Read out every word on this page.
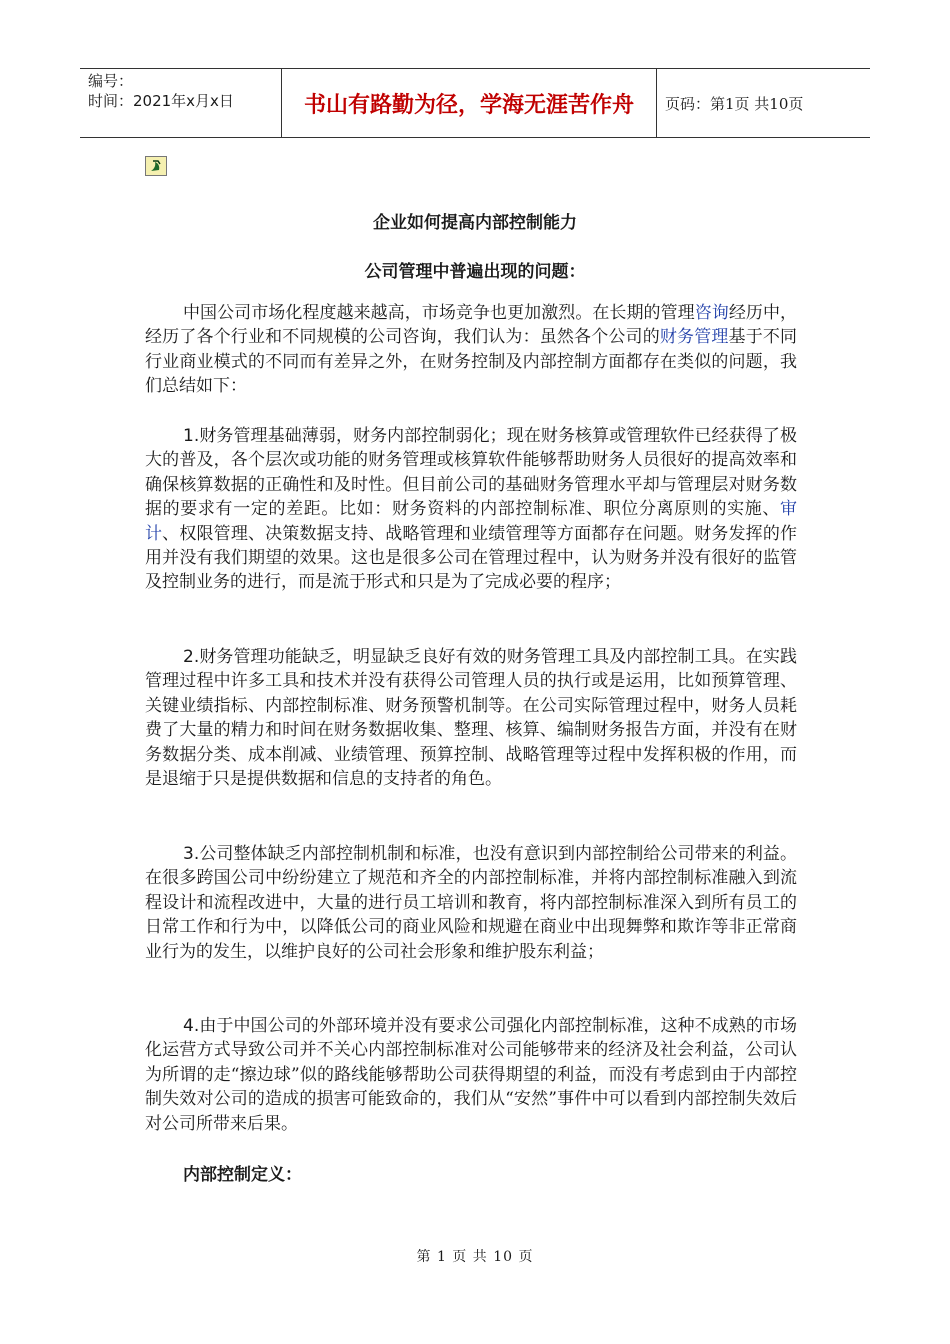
编号：
时间：2021年x月x日	书山有路勤为径，学海无涯苦作舟	页码：第1页 共10页
企业如何提高内部控制能力
公司管理中普遍出现的问题：

中国公司市场化程度越来越高，市场竞争也更加激烈。在长期的管理咨询经历中，经历了各个行业和不同规模的公司咨询，我们认为：虽然各个公司的财务管理基于不同行业商业模式的不同而有差异之外，在财务控制及内部控制方面都存在类似的问题，我们总结如下：

1.财务管理基础薄弱，财务内部控制弱化；现在财务核算或管理软件已经获得了极大的普及，各个层次或功能的财务管理或核算软件能够帮助财务人员很好的提高效率和确保核算数据的正确性和及时性。但目前公司的基础财务管理水平却与管理层对财务数据的要求有一定的差距。比如：财务资料的内部控制标准、职位分离原则的实施、审计、权限管理、决策数据支持、战略管理和业绩管理等方面都存在问题。财务发挥的作用并没有我们期望的效果。这也是很多公司在管理过程中，认为财务并没有很好的监管及控制业务的进行，而是流于形式和只是为了完成必要的程序；

2.财务管理功能缺乏，明显缺乏良好有效的财务管理工具及内部控制工具。在实践管理过程中许多工具和技术并没有获得公司管理人员的执行或是运用，比如预算管理、关键业绩指标、内部控制标准、财务预警机制等。在公司实际管理过程中，财务人员耗费了大量的精力和时间在财务数据收集、整理、核算、编制财务报告方面，并没有在财务数据分类、成本削减、业绩管理、预算控制、战略管理等过程中发挥积极的作用，而是退缩于只是提供数据和信息的支持者的角色。

3.公司整体缺乏内部控制机制和标准，也没有意识到内部控制给公司带来的利益。在很多跨国公司中纷纷建立了规范和齐全的内部控制标准，并将内部控制标准融入到流程设计和流程改进中，大量的进行员工培训和教育，将内部控制标准深入到所有员工的日常工作和行为中，以降低公司的商业风险和规避在商业中出现舞弊和欺诈等非正常商业行为的发生，以维护良好的公司社会形象和维护股东利益；

4.由于中国公司的外部环境并没有要求公司强化内部控制标准，这种不成熟的市场化运营方式导致公司并不关心内部控制标准对公司能够带来的经济及社会利益，公司认为所谓的走“擦边球”似的路线能够帮助公司获得期望的利益，而没有考虑到由于内部控制失效对公司的造成的损害可能致命的，我们从“安然”事件中可以看到内部控制失效后对公司所带来后果。

内部控制定义：
第 1 页 共 10 页
